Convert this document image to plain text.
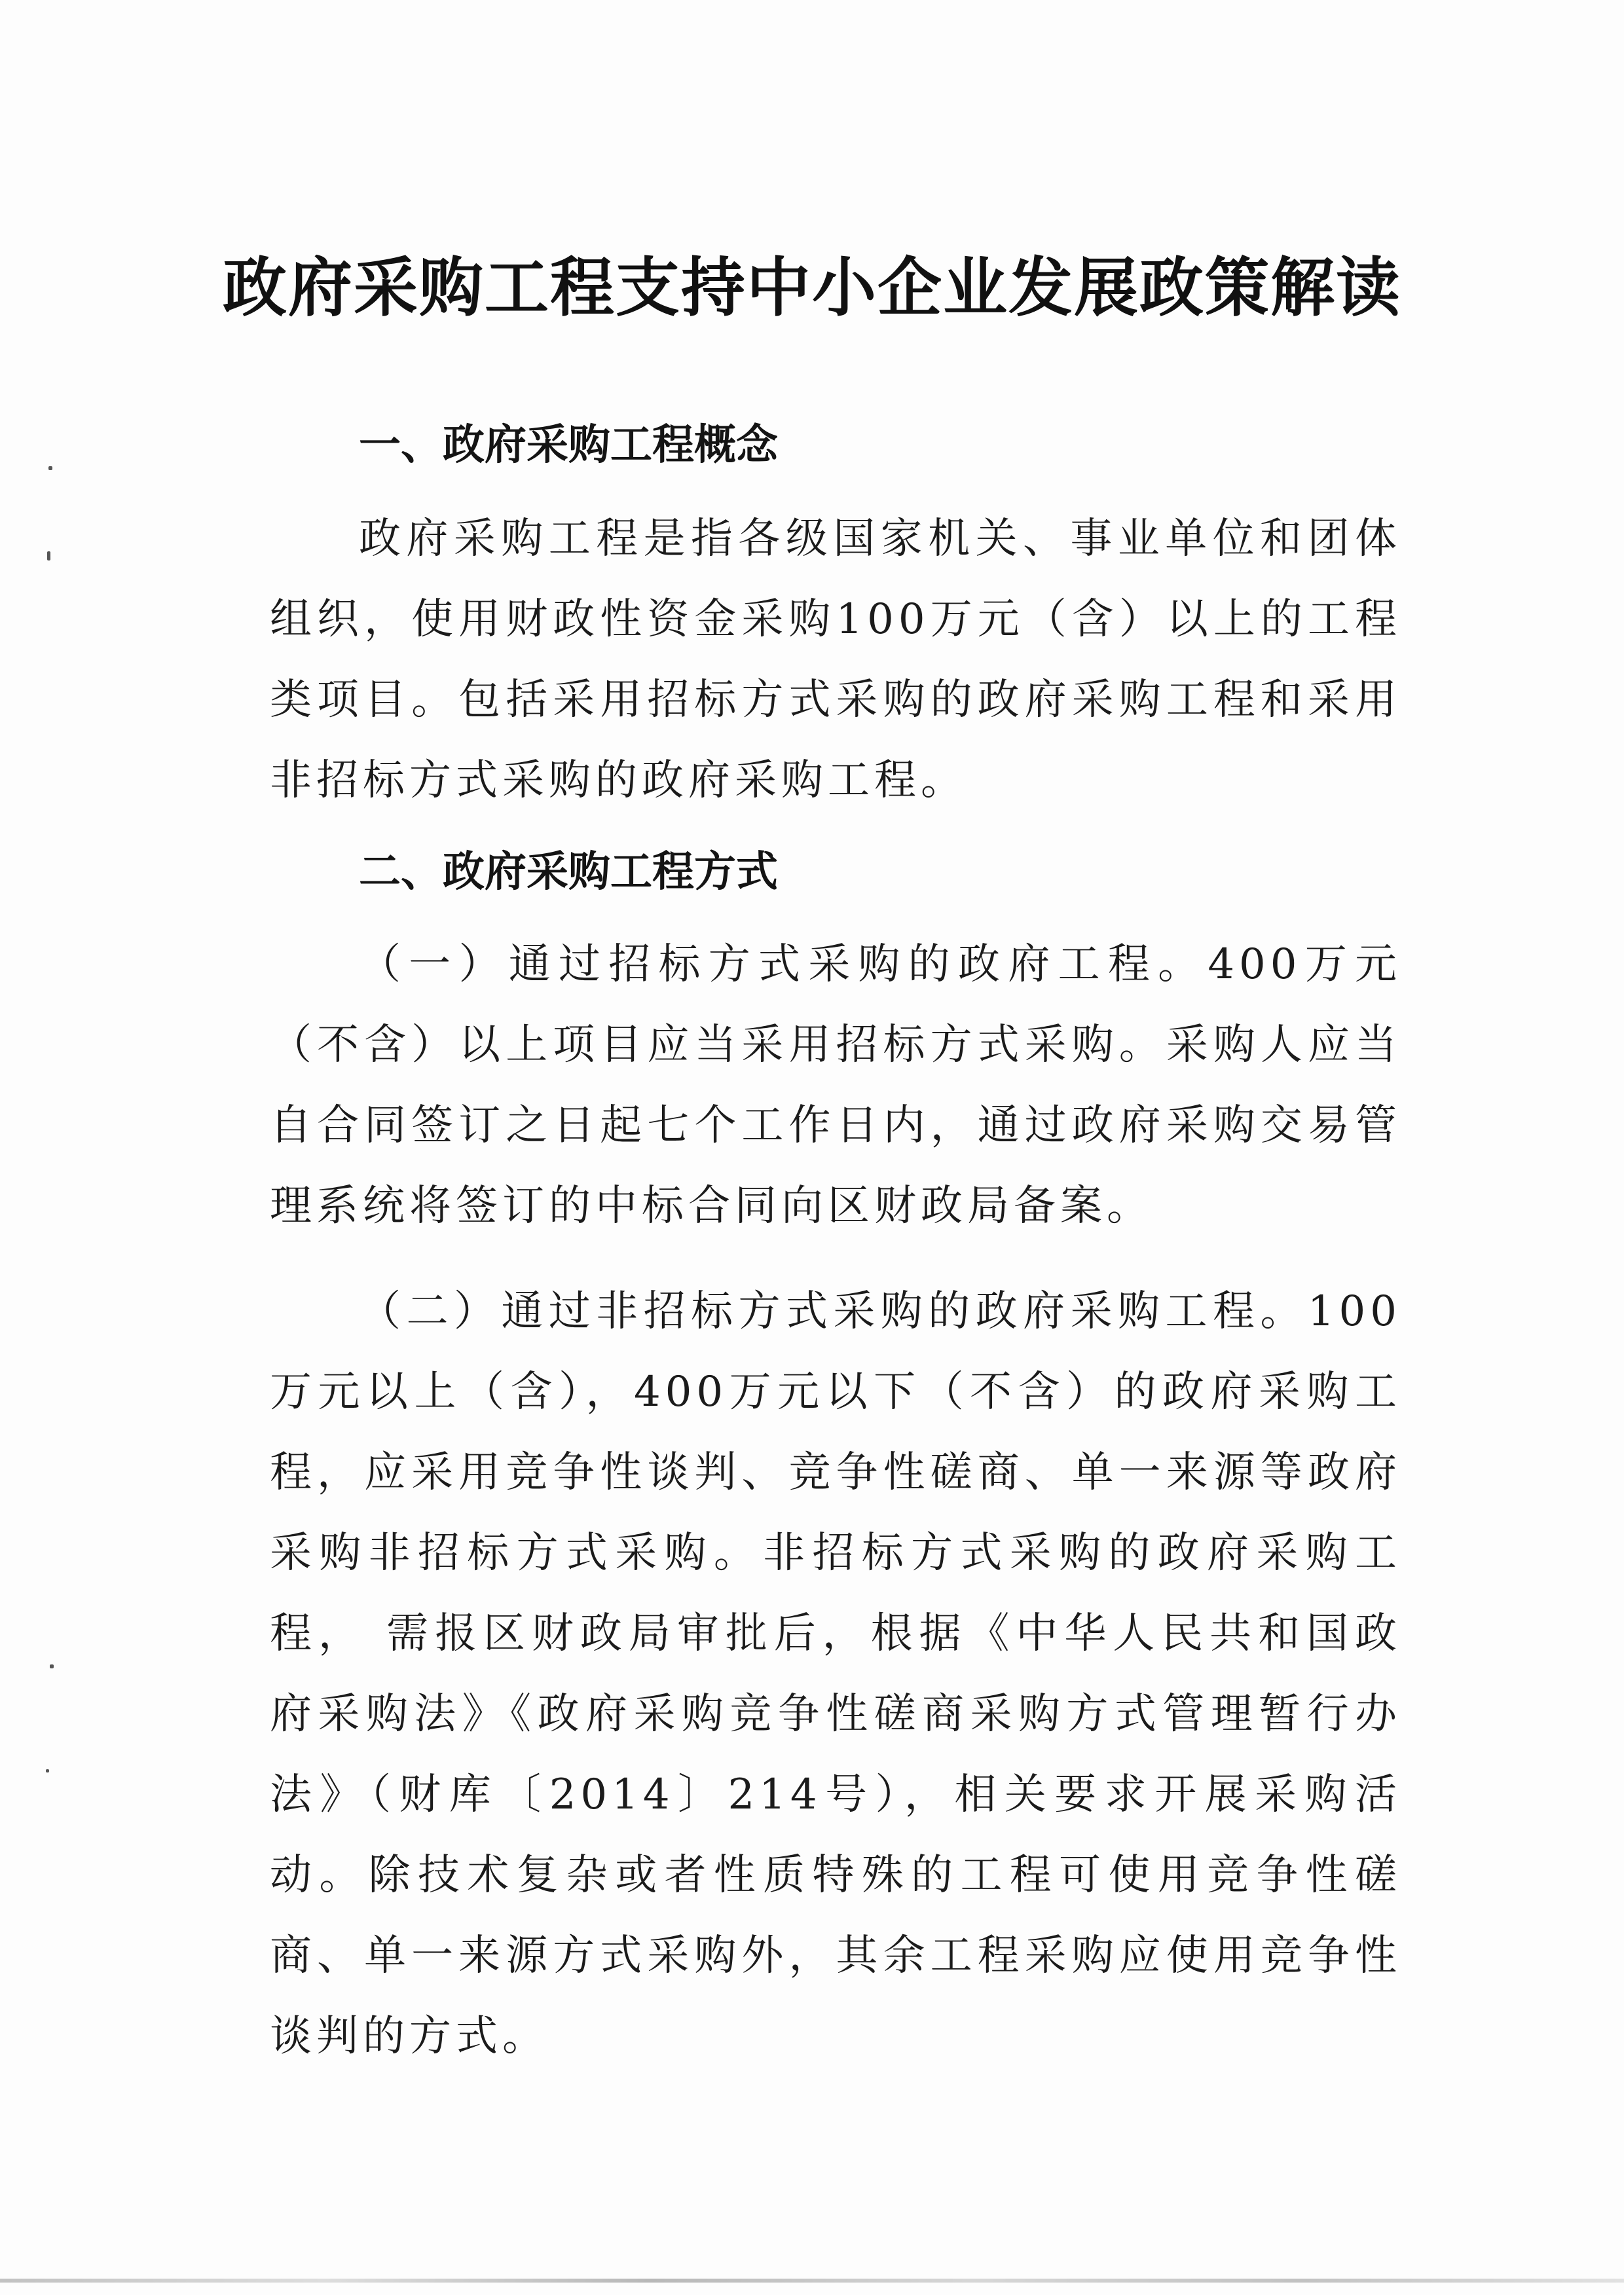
政府采购工程支持中小企业发展政策解读
一、政府采购工程概念

政府采购工程是指各级国家机关、事业单位和团体组织，使用财政性资金采购100万元（含）以上的工程类项目。包括采用招标方式采购的政府采购工程和采用非招标方式采购的政府采购工程。

二、政府采购工程方式

（一）通过招标方式采购的政府工程。400万元（不含）以上项目应当采用招标方式采购。采购人应当自合同签订之日起七个工作日内，通过政府采购交易管理系统将签订的中标合同向区财政局备案。

（二）通过非招标方式采购的政府采购工程。100万元以上（含），400万元以下（不含）的政府采购工程，应采用竞争性谈判、竞争性磋商、单一来源等政府采购非招标方式采购。非招标方式采购的政府采购工程， 需报区财政局审批后，根据《中华人民共和国政府采购法》《政府采购竞争性磋商采购方式管理暂行办法》（财库〔2014〕214号），相关要求开展采购活动。除技术复杂或者性质特殊的工程可使用竞争性磋商、单一来源方式采购外，其余工程采购应使用竞争性谈判的方式。
